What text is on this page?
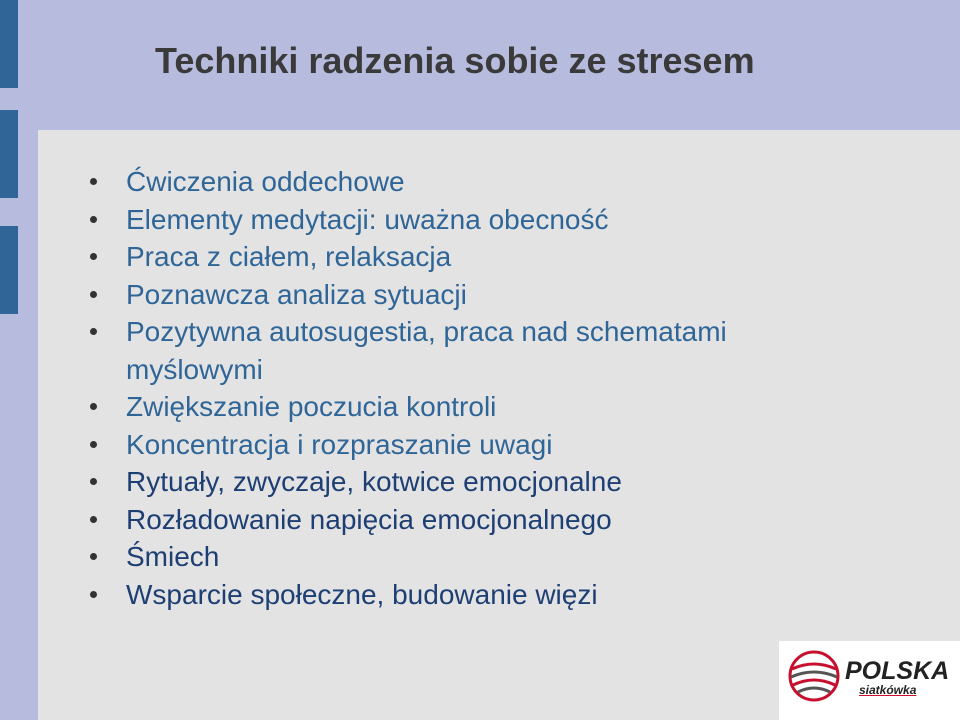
Techniki radzenia sobie ze stresem
Ćwiczenia oddechowe
Elementy medytacji: uważna obecność
Praca z ciałem, relaksacja
Poznawcza analiza sytuacji
Pozytywna autosugestia, praca nad schematami myślowymi
Zwiększanie poczucia kontroli
Koncentracja i rozpraszanie uwagi
Rytuały, zwyczaje, kotwice emocjonalne
Rozładowanie napięcia emocjonalnego
Śmiech
Wsparcie społeczne, budowanie więzi
POLSKA
siatkówka
